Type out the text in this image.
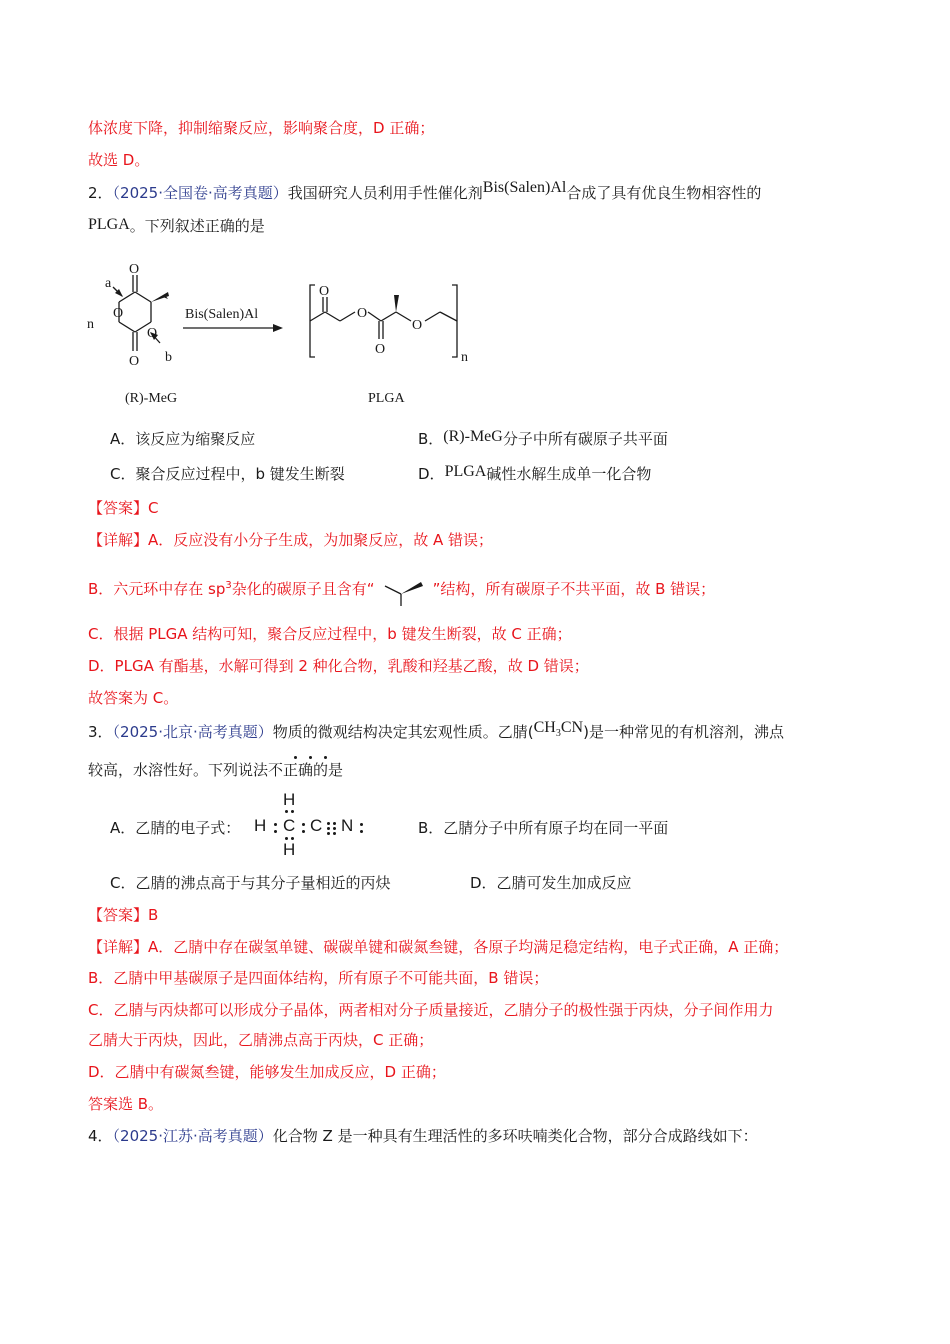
体浓度下降，抑制缩聚反应，影响聚合度，D 正确；
故选 D。
2．（2025·全国卷·高考真题）我国研究人员利用手性催化剂Bis(Salen)Al合成了具有优良生物相容性的
PLGA。下列叙述正确的是
O
O
O
O
a
b
n
Bis(Salen)Al
O
O
O
O
n
(R)-MeG	PLGA
A．该反应为缩聚反应	B．(R)-MeG分子中所有碳原子共平面
C．聚合反应过程中，b 键发生断裂	D．PLGA碱性水解生成单一化合物
【答案】C
【详解】A．反应没有小分子生成，为加聚反应，故 A 错误；
B．六元环中存在 $sp^3$杂化的碳原子且含有“	”结构，所有碳原子不共平面，故 B 错误；
C．根据 PLGA 结构可知，聚合反应过程中，b 键发生断裂，故 C 正确；
D．PLGA 有酯基，水解可得到 2 种化合物，乳酸和羟基乙酸，故 D 错误；
故答案为 C。
3．（2025·北京·高考真题）物质的微观结构决定其宏观性质。乙腈$(CH_3CN)$是一种常见的有机溶剂，沸点
较高，水溶性好。下列说法不正确的是
A．乙腈的电子式：
H
H C C N
H
B．乙腈分子中所有原子均在同一平面
C．乙腈的沸点高于与其分子量相近的丙炔	D．乙腈可发生加成反应
【答案】B
【详解】A．乙腈中存在碳氢单键、碳碳单键和碳氮叁键，各原子均满足稳定结构，电子式正确，A 正确；
B．乙腈中甲基碳原子是四面体结构，所有原子不可能共面，B 错误；
C．乙腈与丙炔都可以形成分子晶体，两者相对分子质量接近，乙腈分子的极性强于丙炔，分子间作用力
乙腈大于丙炔，因此，乙腈沸点高于丙炔，C 正确；
D．乙腈中有碳氮叁键，能够发生加成反应，D 正确；
答案选 B。
4．（2025·江苏·高考真题）化合物 Z 是一种具有生理活性的多环呋喃类化合物，部分合成路线如下：
